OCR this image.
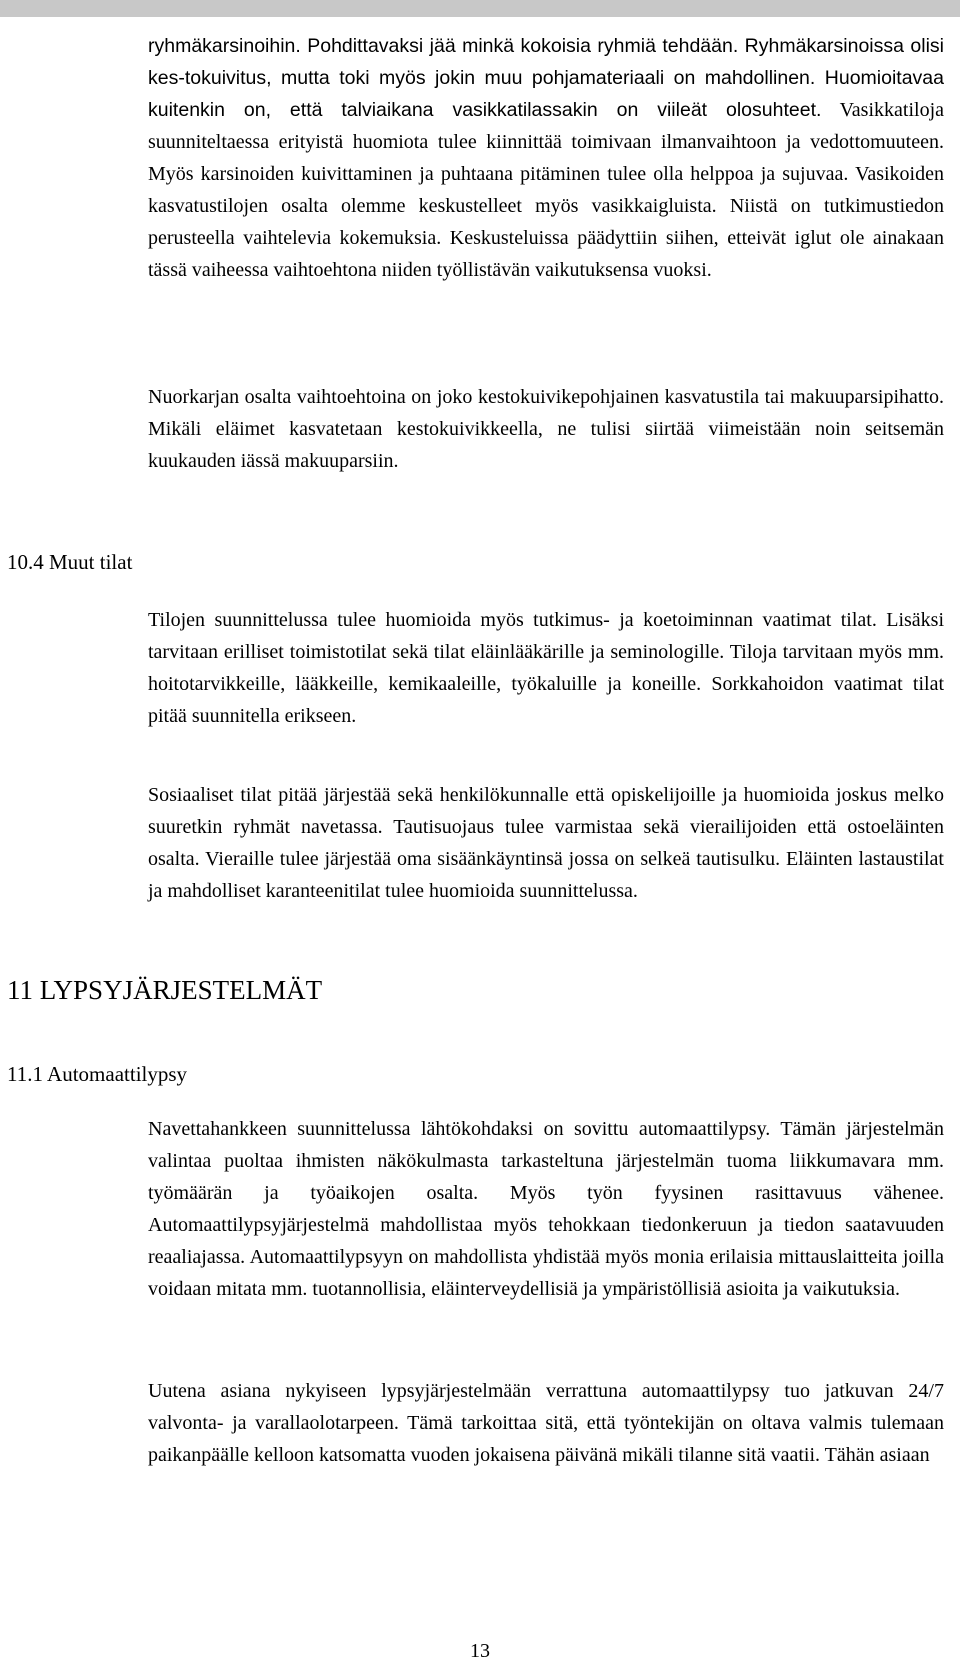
ryhmäkarsinoihin. Pohdittavaksi jää minkä kokoisia ryhmiä tehdään. Ryhmäkarsinoissa olisi kes-tokuivitus, mutta toki myös jokin muu pohjamateriaali on mahdollinen. Huomioitavaa kuitenkin on, että talviaikana vasikkatilassakin on viileät olosuhteet. Vasikkatiloja suunniteltaessa erityistä huomiota tulee kiinnittää toimivaan ilmanvaihtoon ja vedottomuuteen. Myös karsinoiden kuivittaminen ja puhtaana pitäminen tulee olla helppoa ja sujuvaa. Vasikoiden kasvatustilojen osalta olemme keskustelleet myös vasikkaigluista. Niistä on tutkimustiedon perusteella vaihtelevia kokemuksia. Keskusteluissa päädyttiin siihen, etteivät iglut ole ainakaan tässä vaiheessa vaihtoehtona niiden työllistävän vaikutuksensa vuoksi.

Nuorkarjan osalta vaihtoehtoina on joko kestokuivikepohjainen kasvatustila tai makuuparsipihatto. Mikäli eläimet kasvatetaan kestokuivikkeella, ne tulisi siirtää viimeistään noin seitsemän kuukauden iässä makuuparsiin.

10.4 Muut tilat

Tilojen suunnittelussa tulee huomioida myös tutkimus- ja koetoiminnan vaatimat tilat. Lisäksi tarvitaan erilliset toimistotilat sekä tilat eläinlääkärille ja seminologille. Tiloja tarvitaan myös mm. hoitotarvikkeille, lääkkeille, kemikaaleille, työkaluille ja koneille. Sorkkahoidon vaatimat tilat pitää suunnitella erikseen.

Sosiaaliset tilat pitää järjestää sekä henkilökunnalle että opiskelijoille ja huomioida joskus melko suuretkin ryhmät navetassa. Tautisuojaus tulee varmistaa sekä vierailijoiden että ostoeläinten osalta. Vieraille tulee järjestää oma sisäänkäyntinsä jossa on selkeä tautisulku. Eläinten lastaustilat ja mahdolliset karanteenitilat tulee huomioida suunnittelussa.

11 LYPSYJÄRJESTELMÄT
11.1 Automaattilypsy

Navettahankkeen suunnittelussa lähtökohdaksi on sovittu automaattilypsy. Tämän järjestelmän valintaa puoltaa ihmisten näkökulmasta tarkasteltuna järjestelmän tuoma liikkumavara mm. työmäärän ja työaikojen osalta. Myös työn fyysinen rasittavuus vähenee. Automaattilypsyjärjestelmä mahdollistaa myös tehokkaan tiedonkeruun ja tiedon saatavuuden reaaliajassa. Automaattilypsyyn on mahdollista yhdistää myös monia erilaisia mittauslaitteita joilla voidaan mitata mm. tuotannollisia, eläinterveydellisiä ja ympäristöllisiä asioita ja vaikutuksia.

Uutena asiana nykyiseen lypsyjärjestelmään verrattuna automaattilypsy tuo jatkuvan 24/7 valvonta- ja varallaolotarpeen. Tämä tarkoittaa sitä, että työntekijän on oltava valmis tulemaan paikanpäälle kelloon katsomatta vuoden jokaisena päivänä mikäli tilanne sitä vaatii. Tähän asiaan

13
